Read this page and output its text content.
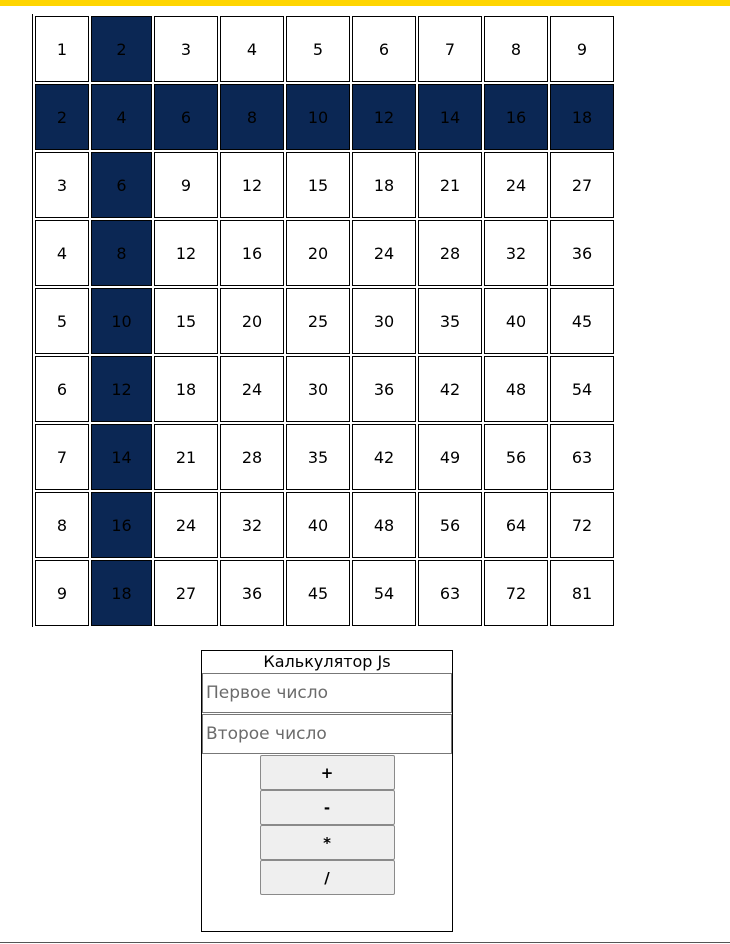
1	2	3	4	5	6	7	8	9
2	4	6	8	10	12	14	16	18
3	6	9	12	15	18	21	24	27
4	8	12	16	20	24	28	32	36
5	10	15	20	25	30	35	40	45
6	12	18	24	30	36	42	48	54
7	14	21	28	35	42	49	56	63
8	16	24	32	40	48	56	64	72
9	18	27	36	45	54	63	72	81
Калькулятор Js
Первое число
Второе число
+
-
*
/
